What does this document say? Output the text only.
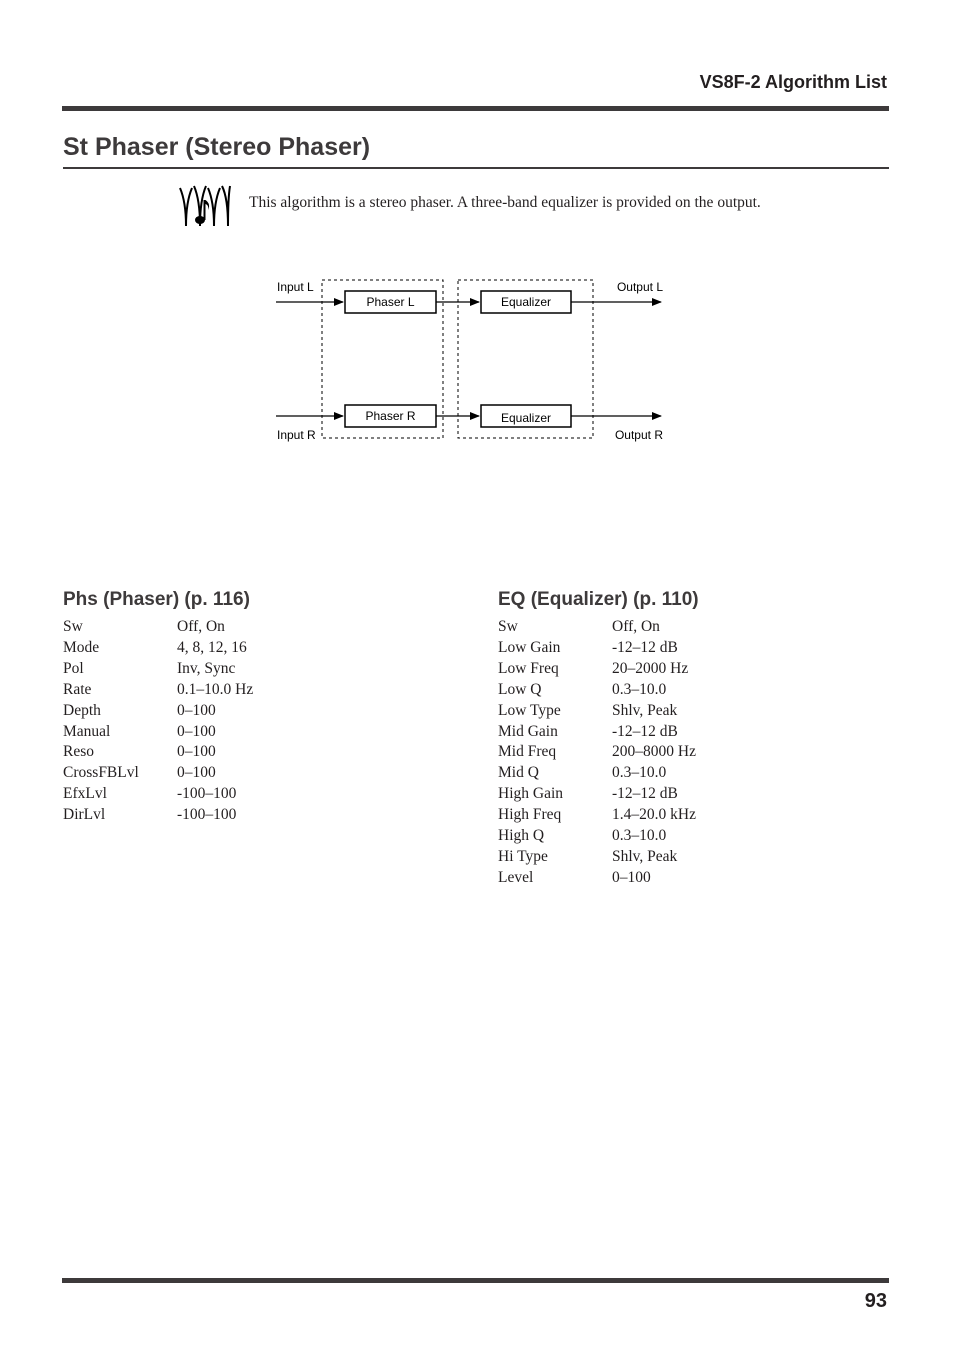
VS8F-2 Algorithm List
St Phaser (Stereo Phaser)
This algorithm is a stereo phaser. A three-band equalizer is provided on the output.
Input L
Input R
Output L
Output R
Phaser L
Phaser R
Equalizer
Equalizer
Phs (Phaser) (p. 116)
Sw	Off, On
Mode	4, 8, 12, 16
Pol	Inv, Sync
Rate	0.1–10.0 Hz
Depth	0–100
Manual	0–100
Reso	0–100
CrossFBLvl	0–100
EfxLvl	-100–100
DirLvl	-100–100
EQ (Equalizer) (p. 110)
Sw	Off, On
Low Gain	-12–12 dB
Low Freq	20–2000 Hz
Low Q	0.3–10.0
Low Type	Shlv, Peak
Mid Gain	-12–12 dB
Mid Freq	200–8000 Hz
Mid Q	0.3–10.0
High Gain	-12–12 dB
High Freq	1.4–20.0 kHz
High Q	0.3–10.0
Hi Type	Shlv, Peak
Level	0–100
93
